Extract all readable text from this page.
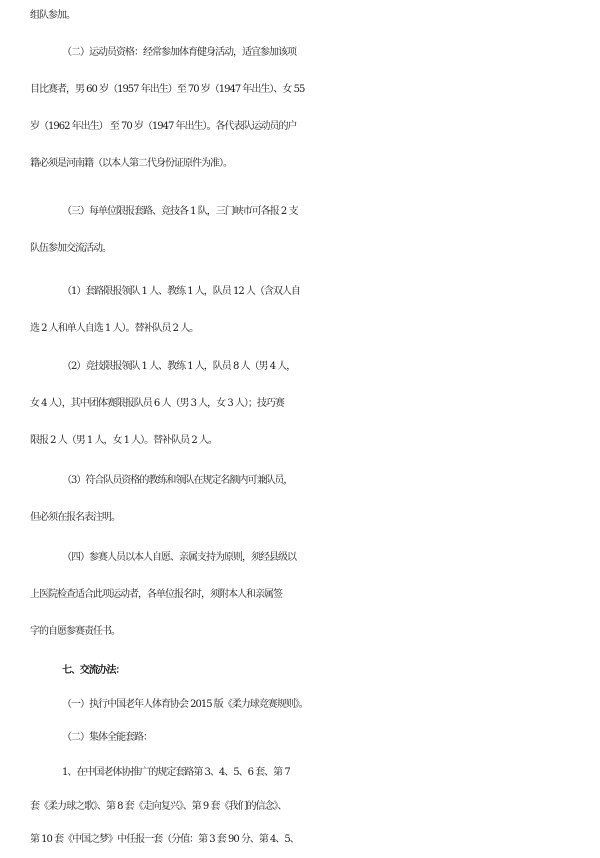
组队参加。
（二）运动员资格：经常参加体育健身活动，适宜参加该项
目比赛者，男 60 岁（1957 年出生）至 70 岁（1947 年出生）、女 55
岁（1962 年出生） 至 70 岁（1947 年出生）。各代表队运动员的户
籍必须是河南籍（以本人第二代身份证原件为准）。
（三）每单位限报套路、竞技各 1 队，三门峡市可各报 2 支
队伍参加交流活动。
（1）套路限报领队 1 人、教练 1 人，队员 12 人（含双人自
选 2 人和单人自选 1 人）。替补队员 2 人。
（2）竞技限报领队 1 人、教练 1 人，队员 8 人（男 4 人，
女 4 人），其中团体赛限报队员 6 人（男 3 人，女 3 人）；技巧赛
限报 2 人（男 1 人，女 1 人）。替补队员 2 人。
（3）符合队员资格的教练和领队在规定名额内可兼队员，
但必须在报名表注明。
（四）参赛人员以本人自愿、亲属支持为原则，须经县级以
上医院检查适合此项运动者，各单位报名时，须附本人和亲属签
字的自愿参赛责任书。
七、交流办法：
（一）执行中国老年人体育协会 2015 版《柔力球竞赛规则》。
（二）集体全能套路：
1、在中国老体协推广的规定套路第 3、4、5、6 套、第 7
套《柔力球之歌》、第 8 套《走向复兴》、第 9 套《我们的信念》、
第 10 套《中国之梦》中任报一套（分值：第 3 套 90 分、第 4、5、
